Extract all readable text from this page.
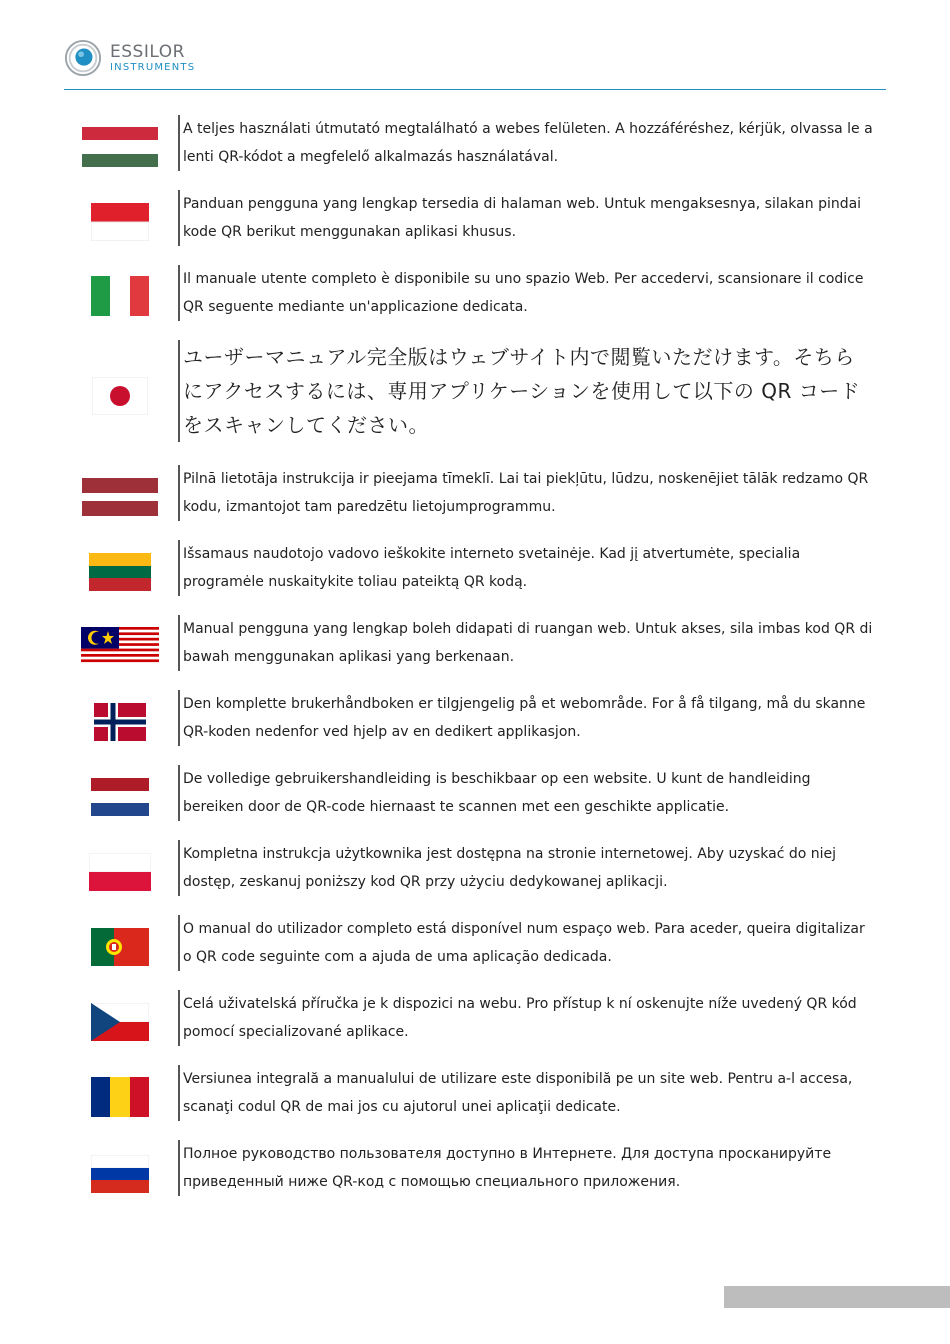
ESSILOR
INSTRUMENTS
A teljes használati útmutató megtalálható a webes felületen. A hozzáféréshez, kérjük, olvassa le a lenti QR-kódot a megfelelő alkalmazás használatával.
Panduan pengguna yang lengkap tersedia di halaman web. Untuk mengaksesnya, silakan pindai kode QR berikut menggunakan aplikasi khusus.
Il manuale utente completo è disponibile su uno spazio Web. Per accedervi, scansionare il codice QR seguente mediante un'applicazione dedicata.
ユーザーマニュアル完全版はウェブサイト内で閲覧いただけます。そちらにアクセスするには、専用アプリケーションを使用して以下の QR コードをスキャンしてください。
Pilnā lietotāja instrukcija ir pieejama tīmeklī. Lai tai piekļūtu, lūdzu, noskenējiet tālāk redzamo QR kodu, izmantojot tam paredzētu lietojumprogrammu.
Išsamaus naudotojo vadovo ieškokite interneto svetainėje. Kad jį atvertumėte, specialia programėle nuskaitykite toliau pateiktą QR kodą.
Manual pengguna yang lengkap boleh didapati di ruangan web. Untuk akses, sila imbas kod QR di bawah menggunakan aplikasi yang berkenaan.
Den komplette brukerhåndboken er tilgjengelig på et webområde. For å få tilgang, må du skanne QR-koden nedenfor ved hjelp av en dedikert applikasjon.
De volledige gebruikershandleiding is beschikbaar op een website. U kunt de handleiding bereiken door de QR-code hiernaast te scannen met een geschikte applicatie.
Kompletna instrukcja użytkownika jest dostępna na stronie internetowej. Aby uzyskać do niej dostęp, zeskanuj poniższy kod QR przy użyciu dedykowanej aplikacji.
O manual do utilizador completo está disponível num espaço web. Para aceder, queira digitalizar o QR code seguinte com a ajuda de uma aplicação dedicada.
Celá uživatelská příručka je k dispozici na webu. Pro přístup k ní oskenujte níže uvedený QR kód pomocí specializované aplikace.
Versiunea integrală a manualului de utilizare este disponibilă pe un site web. Pentru a-l accesa, scanaţi codul QR de mai jos cu ajutorul unei aplicaţii dedicate.
Полное руководство пользователя доступно в Интернете. Для доступа просканируйте приведенный ниже QR-код с помощью специального приложения.
